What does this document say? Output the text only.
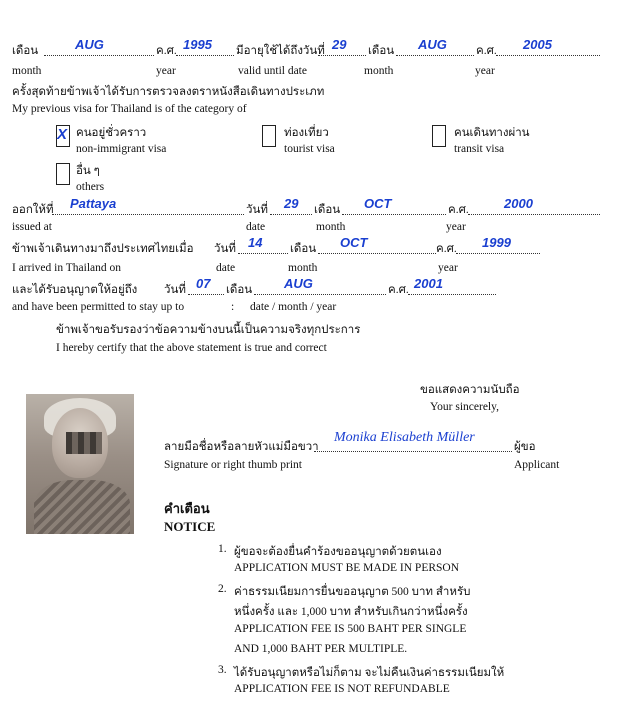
เดือน	AUG	ค.ศ. 1995 มีอายุใช้ได้ถึงวันที่ 29 เดือน AUG	ค.ศ. 2005
month	year	valid until date	month	year
ครั้งสุดท้ายข้าพเจ้าได้รับการตรวจลงตราหนังสือเดินทางประเภท
My previous visa for Thailand is of the category of
X คนอยู่ชั่วคราว
non-immigrant visa
ท่องเที่ยว
tourist visa
คนเดินทางผ่าน
transit visa
อื่น ๆ
others
ออกให้ที่ Pattaya	วันที่ 29 เดือน OCT	ค.ศ.	2000
issued at	date	month	year
ข้าพเจ้าเดินทางมาถึงประเทศไทยเมื่อ วันที่ 14 เดือน OCT	ค.ศ. 1999
I arrived in Thailand on	date	month	year
และได้รับอนุญาตให้อยู่ถึง วันที่ 07 เดือน AUG	ค.ศ. 2001
and have been permitted to stay up to	: date / month / year
ข้าพเจ้าขอรับรองว่าข้อความข้างบนนี้เป็นความจริงทุกประการ
I hereby certify that the above statement is true and correct
ขอแสดงความนับถือ
Your sincerely,
ลายมือชื่อหรือลายหัวแม่มือขวา
Monika Elisabeth Müller
ผู้ขอ
Signature or right thumb print	Applicant
คำเตือน
NOTICE
1. ผู้ขอจะต้องยื่นคำร้องขออนุญาตด้วยตนเอง
APPLICATION MUST BE MADE IN PERSON
2. ค่าธรรมเนียมการยื่นขออนุญาต 500 บาท สำหรับ
หนึ่งครั้ง และ 1,000 บาท สำหรับเกินกว่าหนึ่งครั้ง
APPLICATION FEE IS 500 BAHT PER SINGLE
AND 1,000 BAHT PER MULTIPLE.
3. ได้รับอนุญาตหรือไม่ก็ตาม จะไม่คืนเงินค่าธรรมเนียมให้
APPLICATION FEE IS NOT REFUNDABLE
